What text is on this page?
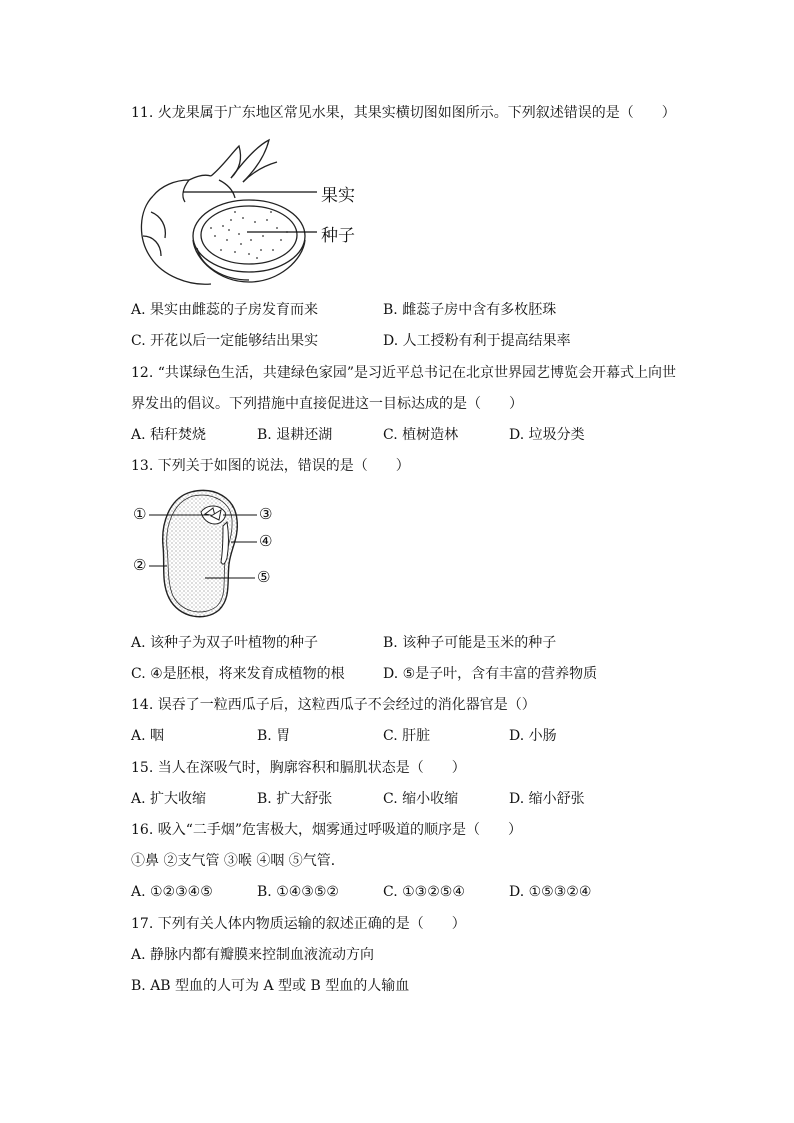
11. 火龙果属于广东地区常见水果，其果实横切图如图所示。下列叙述错误的是（　　）
果实
种子
A. 果实由雌蕊的子房发育而来	B. 雌蕊子房中含有多枚胚珠
C. 开花以后一定能够结出果实	D. 人工授粉有利于提高结果率
12. “共谋绿色生活，共建绿色家园”是习近平总书记在北京世界园艺博览会开幕式上向世
界发出的倡议。下列措施中直接促进这一目标达成的是（　　）
A. 秸秆焚烧	B. 退耕还湖	C. 植树造林	D. 垃圾分类
13. 下列关于如图的说法，错误的是（　　）
①	③
④
②
⑤
A. 该种子为双子叶植物的种子	B. 该种子可能是玉米的种子
C. ④是胚根，将来发育成植物的根	D. ⑤是子叶，含有丰富的营养物质
14. 误吞了一粒西瓜子后，这粒西瓜子不会经过的消化器官是（）
A. 咽	B. 胃	C. 肝脏	D. 小肠
15. 当人在深吸气时，胸廓容积和膈肌状态是（　　）
A. 扩大收缩	B. 扩大舒张	C. 缩小收缩	D. 缩小舒张
16. 吸入“二手烟”危害极大，烟雾通过呼吸道的顺序是（　　）
①鼻 ②支气管 ③喉 ④咽 ⑤气管．
A. ①②③④⑤	B. ①④③⑤②	C. ①③②⑤④	D. ①⑤③②④
17. 下列有关人体内物质运输的叙述正确的是（　　）
A. 静脉内都有瓣膜来控制血液流动方向
B. AB 型血的人可为 A 型或 B 型血的人输血
